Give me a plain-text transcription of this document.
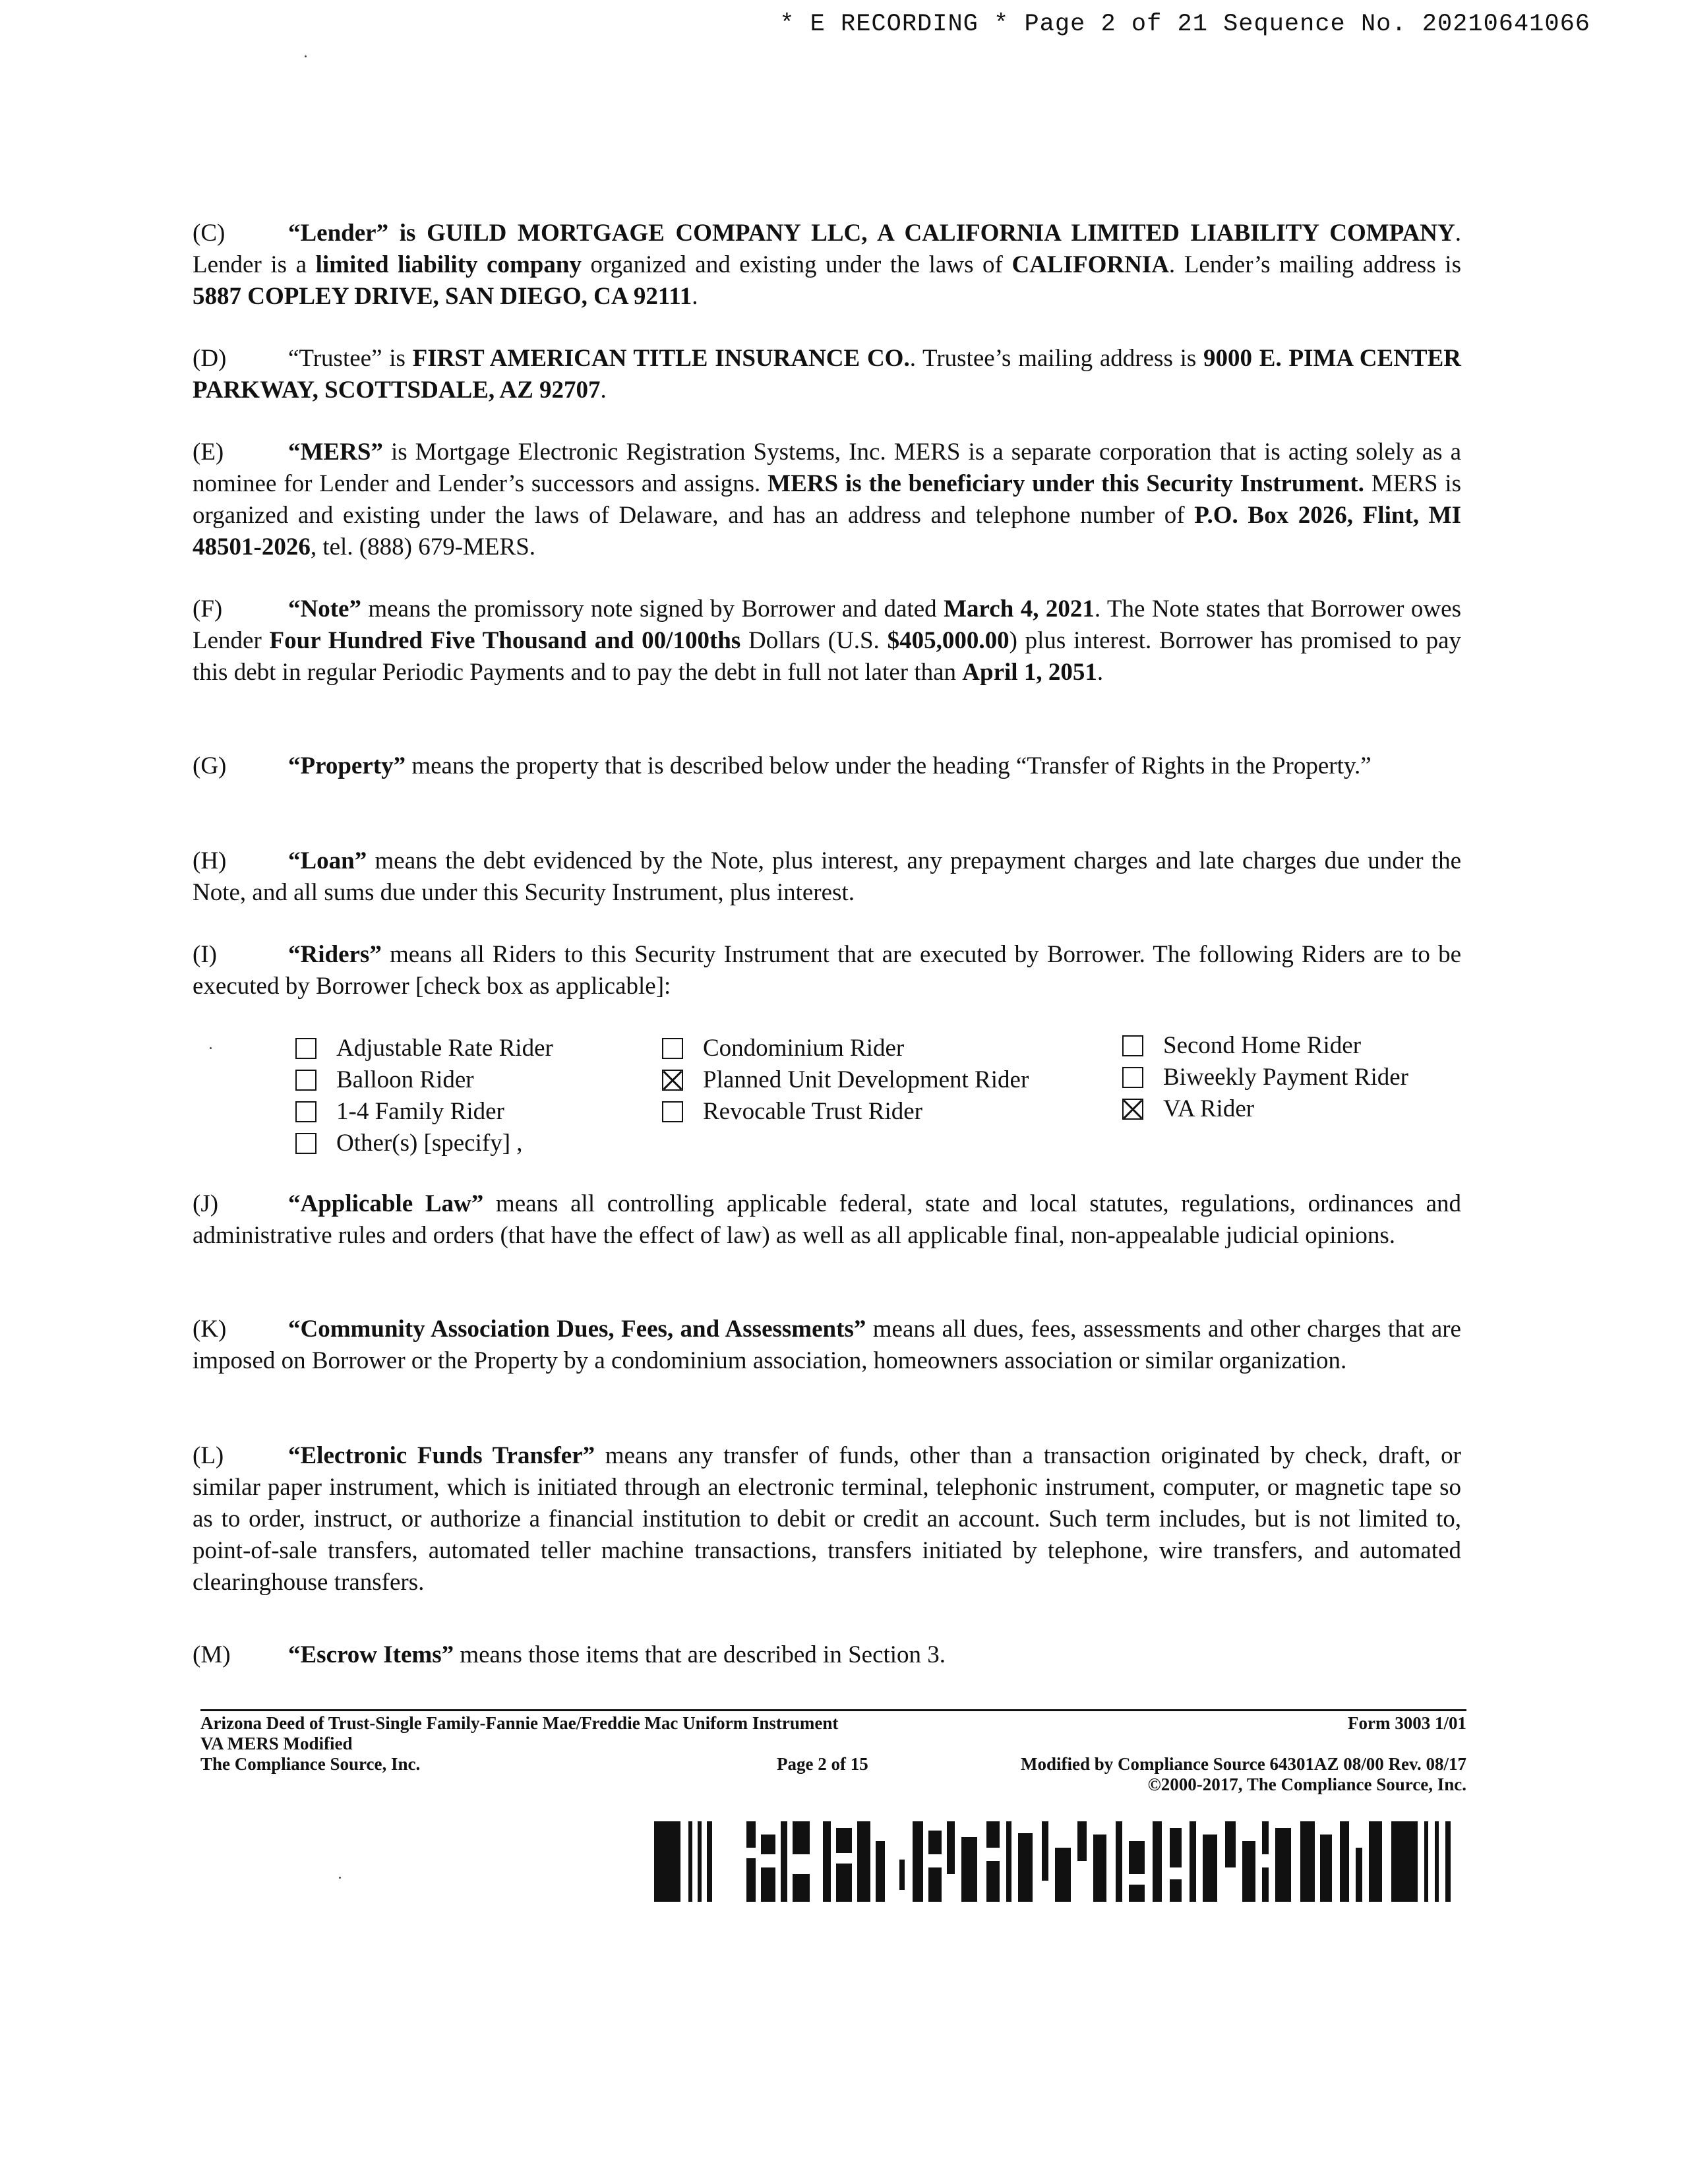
* E RECORDING * Page 2 of 21 Sequence No. 20210641066

(C)	“Lender” is GUILD MORTGAGE COMPANY LLC, A CALIFORNIA LIMITED LIABILITY COMPANY. Lender is a limited liability company organized and existing under the laws of CALIFORNIA. Lender’s mailing address is 5887 COPLEY DRIVE, SAN DIEGO, CA 92111.

(D)	“Trustee” is FIRST AMERICAN TITLE INSURANCE CO.. Trustee’s mailing address is 9000 E. PIMA CENTER PARKWAY, SCOTTSDALE, AZ 92707.

(E)	“MERS” is Mortgage Electronic Registration Systems, Inc. MERS is a separate corporation that is acting solely as a nominee for Lender and Lender’s successors and assigns. MERS is the beneficiary under this Security Instrument. MERS is organized and existing under the laws of Delaware, and has an address and telephone number of P.O. Box 2026, Flint, MI 48501-2026, tel. (888) 679-MERS.

(F)	“Note” means the promissory note signed by Borrower and dated March 4, 2021. The Note states that Borrower owes Lender Four Hundred Five Thousand and 00/100ths Dollars (U.S. $405,000.00) plus interest. Borrower has promised to pay this debt in regular Periodic Payments and to pay the debt in full not later than April 1, 2051.

(G)	“Property” means the property that is described below under the heading “Transfer of Rights in the Property.”

(H)	“Loan” means the debt evidenced by the Note, plus interest, any prepayment charges and late charges due under the Note, and all sums due under this Security Instrument, plus interest.

(I)	“Riders” means all Riders to this Security Instrument that are executed by Borrower. The following Riders are to be executed by Borrower [check box as applicable]:

Adjustable Rate Rider
Balloon Rider
1-4 Family Rider
Other(s) [specify] ,
Condominium Rider
Planned Unit Development Rider
Revocable Trust Rider
Second Home Rider
Biweekly Payment Rider
VA Rider

(J)	“Applicable Law” means all controlling applicable federal, state and local statutes, regulations, ordinances and administrative rules and orders (that have the effect of law) as well as all applicable final, non-appealable judicial opinions.

(K)	“Community Association Dues, Fees, and Assessments” means all dues, fees, assessments and other charges that are imposed on Borrower or the Property by a condominium association, homeowners association or similar organization.

(L)	“Electronic Funds Transfer” means any transfer of funds, other than a transaction originated by check, draft, or similar paper instrument, which is initiated through an electronic terminal, telephonic instrument, computer, or magnetic tape so as to order, instruct, or authorize a financial institution to debit or credit an account. Such term includes, but is not limited to, point-of-sale transfers, automated teller machine transactions, transfers initiated by telephone, wire transfers, and automated clearinghouse transfers.

(M) “Escrow Items” means those items that are described in Section 3.

Arizona Deed of Trust-Single Family-Fannie Mae/Freddie Mac Uniform Instrument	Form 3003 1/01
VA MERS Modified
The Compliance Source, Inc.	Page 2 of 15	Modified by Compliance Source 64301AZ 08/00 Rev. 08/17
©2000-2017, The Compliance Source, Inc.
